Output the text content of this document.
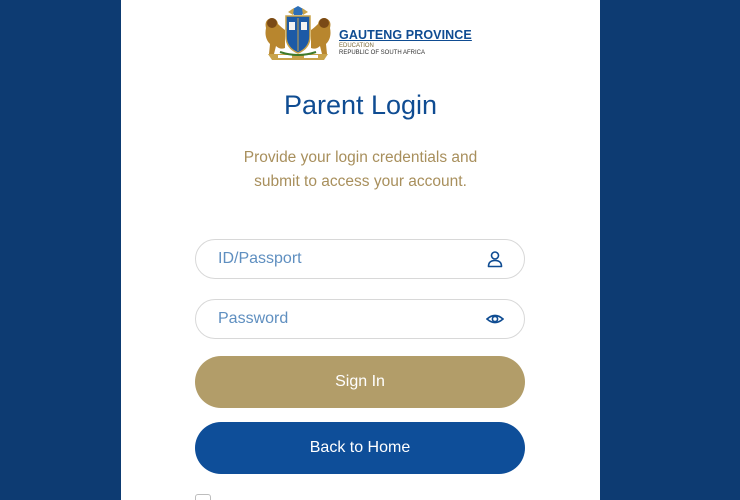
GAUTENG PROVINCE
EDUCATION
REPUBLIC OF SOUTH AFRICA
Parent Login

Provide your login credentials and submit to access your account.

ID/Passport
Sign In
Back to Home
